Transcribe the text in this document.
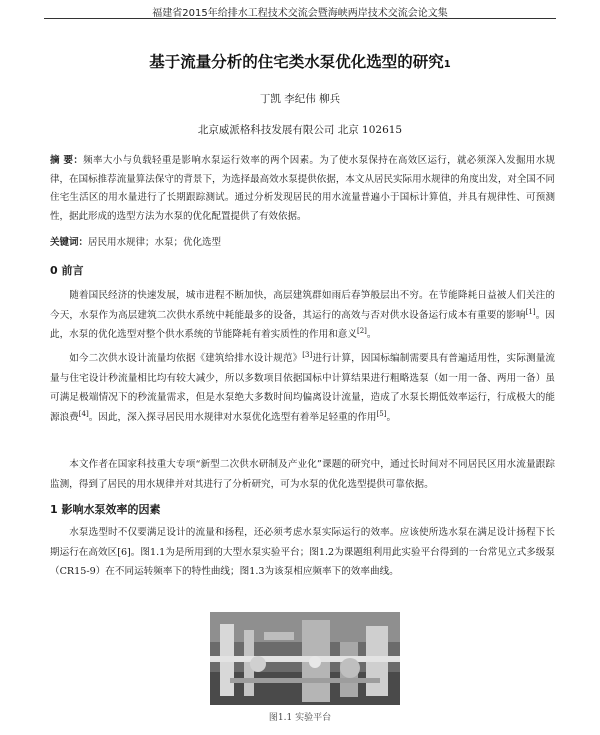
福建省2015年给排水工程技术交流会暨海峡两岸技术交流会论文集
基于流量分析的住宅类水泵优化选型的研究1
丁凯 李纪伟 柳兵
北京威派格科技发展有限公司 北京 102615
摘 要：频率大小与负载轻重是影响水泵运行效率的两个因素。为了使水泵保持在高效区运行，就必须深入发掘用水规律，在国标推荐流量算法保守的背景下，为选择最高效水泵提供依据，本文从居民实际用水规律的角度出发，对全国不同住宅生活区的用水量进行了长期跟踪测试。通过分析发现居民的用水流量普遍小于国标计算值，并具有规律性、可预测性，据此形成的选型方法为水泵的优化配置提供了有效依据。
关键词：居民用水规律；水泵；优化选型
0 前言
随着国民经济的快速发展，城市进程不断加快，高层建筑群如雨后春笋般层出不穷。在节能降耗日益被人们关注的今天，水泵作为高层建筑二次供水系统中耗能最多的设备，其运行的高效与否对供水设备运行成本有重要的影响[1]。因此，水泵的优化选型对整个供水系统的节能降耗有着实质性的作用和意义[2]。
如今二次供水设计流量均依据《建筑给排水设计规范》[3]进行计算，因国标编制需要具有普遍适用性，实际测量流量与住宅设计秒流量相比均有较大减少，所以多数项目依据国标中计算结果进行粗略选泵（如一用一备、两用一备）虽可满足极端情况下的秒流量需求，但是水泵绝大多数时间均偏离设计流量，造成了水泵长期低效率运行，行成极大的能源浪费[4]。因此，深入探寻居民用水规律对水泵优化选型有着举足轻重的作用[5]。
本文作者在国家科技重大专项“新型二次供水研制及产业化”课题的研究中，通过长时间对不同居民区用水流量跟踪监测，得到了居民的用水规律并对其进行了分析研究，可为水泵的优化选型提供可靠依据。
1 影响水泵效率的因素
水泵选型时不仅要满足设计的流量和扬程，还必须考虑水泵实际运行的效率。应该使所选水泵在满足设计扬程下长期运行在高效区[6]。图1.1为是所用到的大型水泵实验平台；图1.2为课题组利用此实验平台得到的一台常见立式多级泵（CR15-9）在不同运转频率下的特性曲线；图1.3为该泵相应频率下的效率曲线。
图1.1 实验平台
